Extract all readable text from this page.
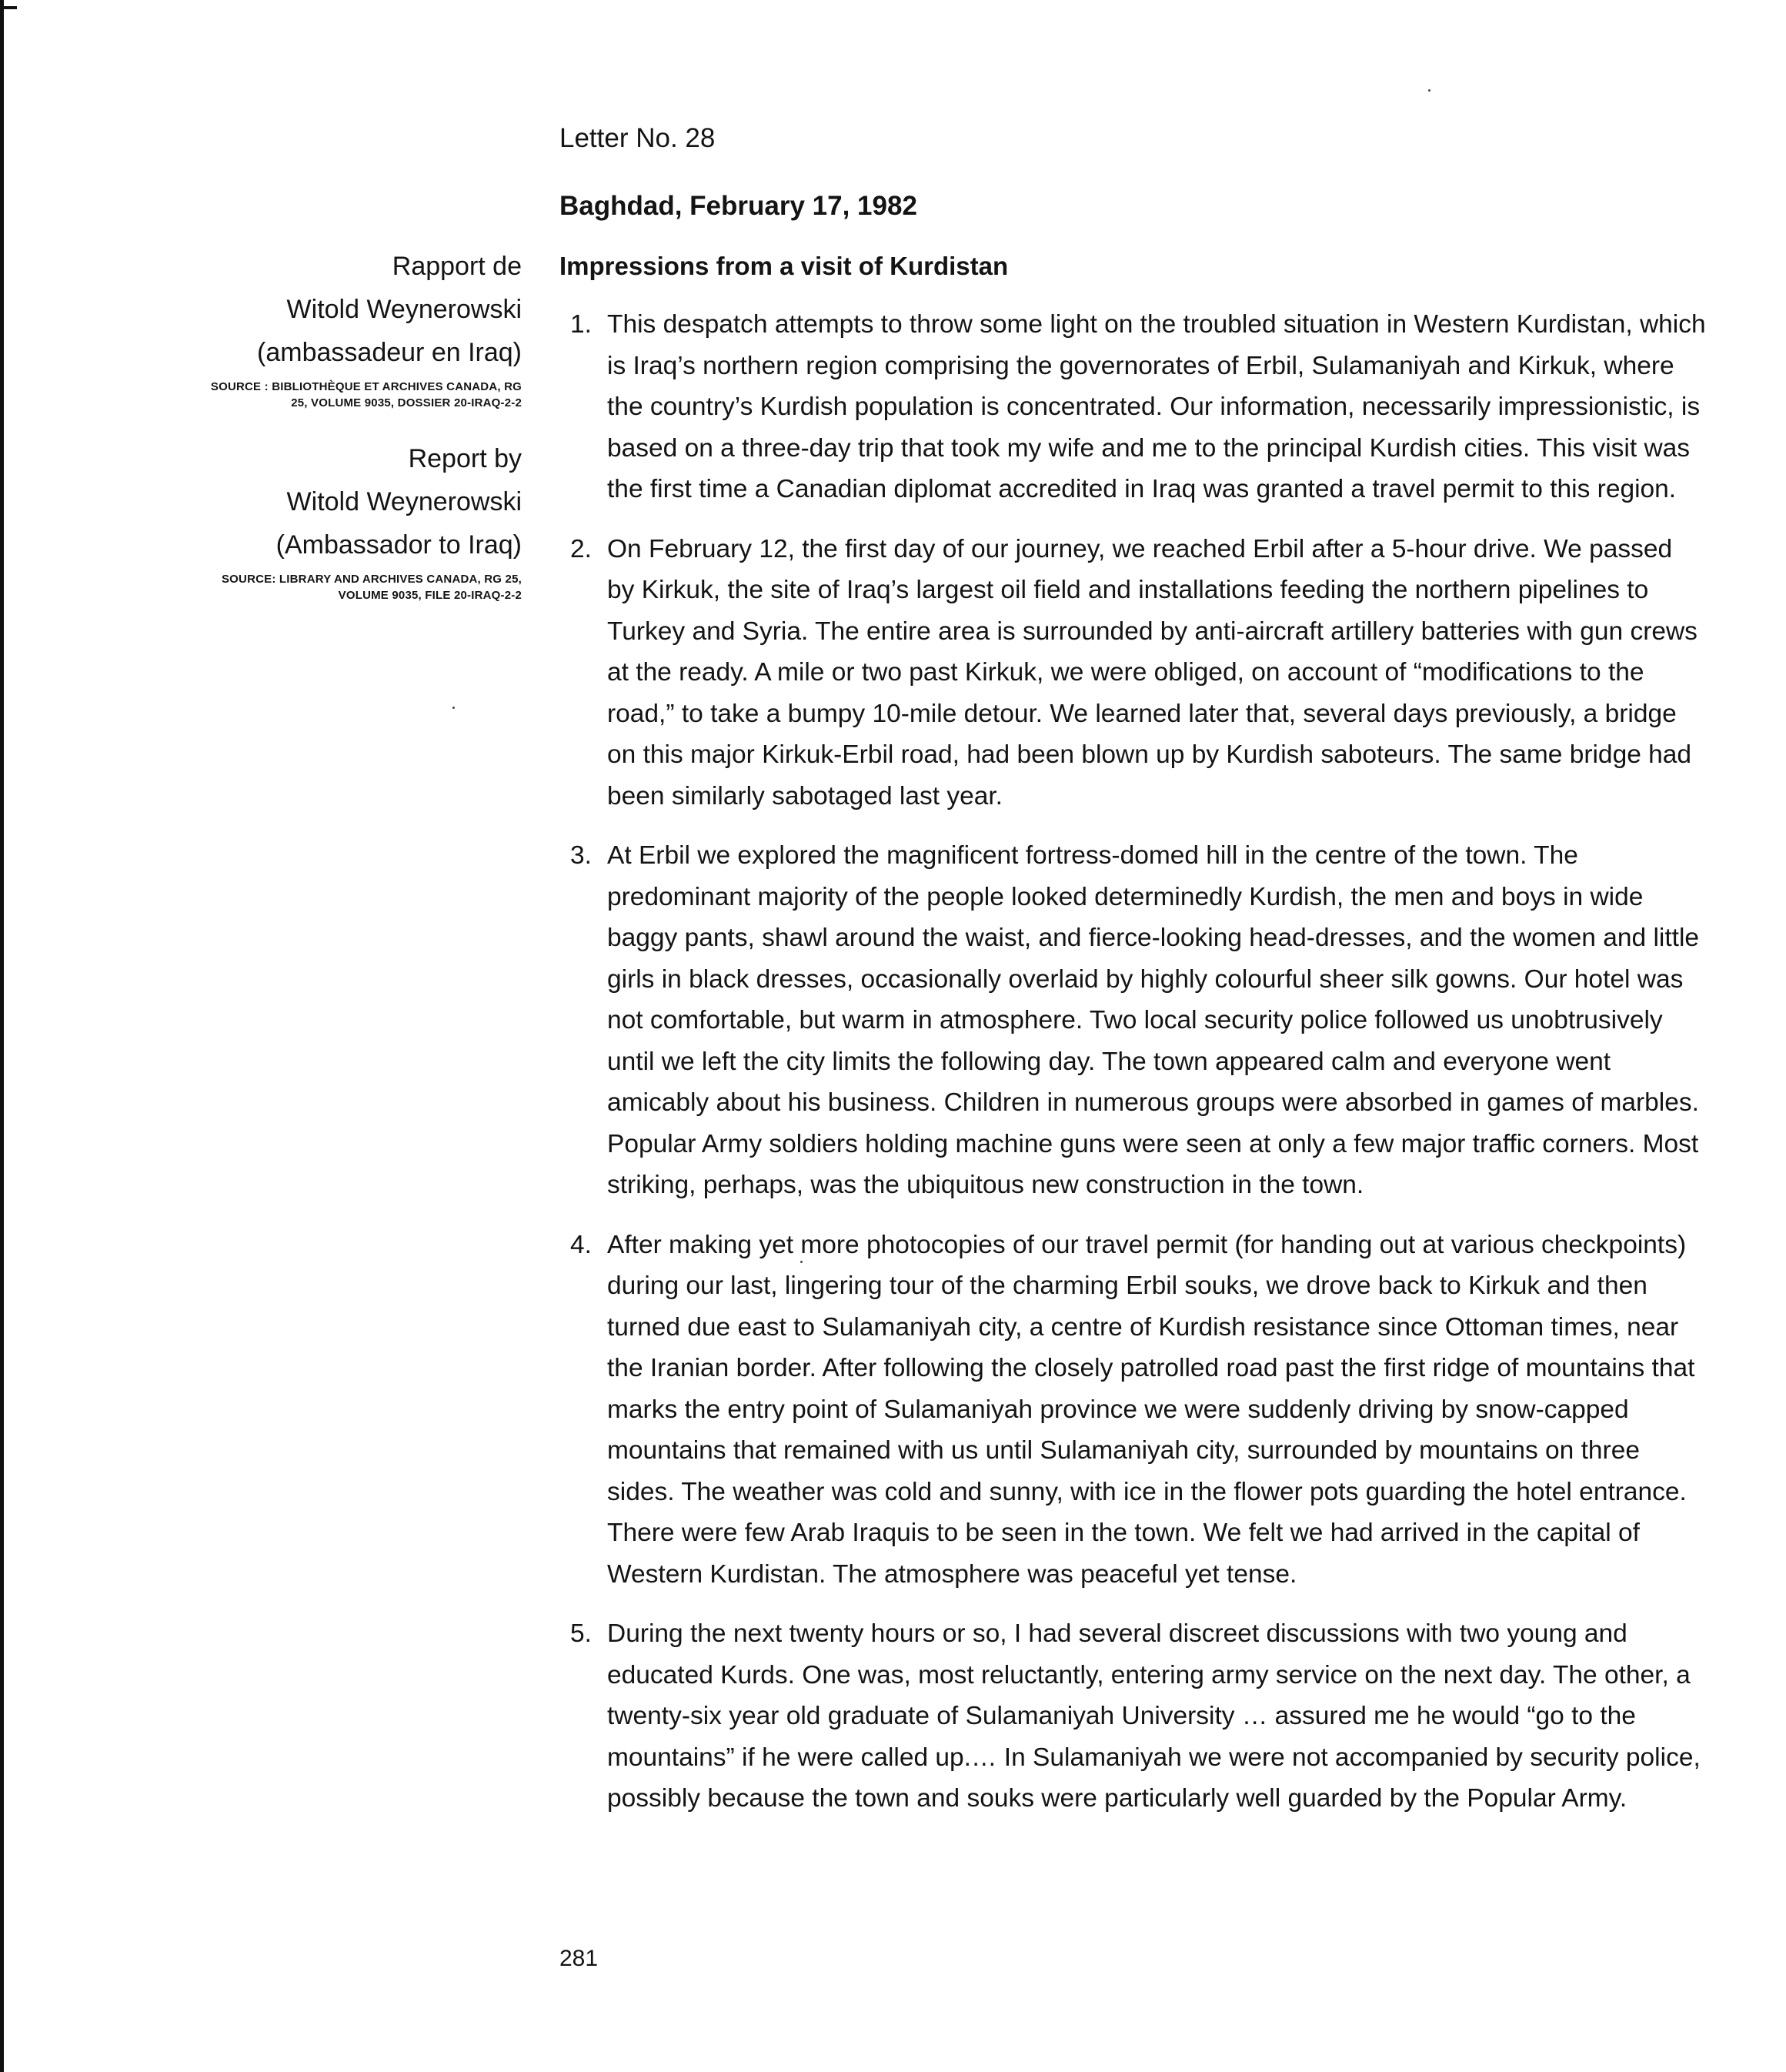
Rapport de
Witold Weynerowski
(ambassadeur en Iraq)
SOURCE : BIBLIOTHÈQUE ET ARCHIVES CANADA, RG 25, VOLUME 9035, DOSSIER 20-IRAQ-2-2
Report by
Witold Weynerowski
(Ambassador to Iraq)
SOURCE: LIBRARY AND ARCHIVES CANADA, RG 25, VOLUME 9035, FILE 20-IRAQ-2-2
Letter No. 28
Baghdad, February 17, 1982
Impressions from a visit of Kurdistan
1. This despatch attempts to throw some light on the troubled situation in Western Kurdistan, which is Iraq’s northern region comprising the governorates of Erbil, Sulamaniyah and Kirkuk, where the country’s Kurdish population is concentrated. Our information, necessarily impressionistic, is based on a three-day trip that took my wife and me to the principal Kurdish cities. This visit was the first time a Canadian diplomat accredited in Iraq was granted a travel permit to this region.
2. On February 12, the first day of our journey, we reached Erbil after a 5-hour drive. We passed by Kirkuk, the site of Iraq’s largest oil field and installations feeding the northern pipelines to Turkey and Syria. The entire area is surrounded by anti-aircraft artillery batteries with gun crews at the ready. A mile or two past Kirkuk, we were obliged, on account of “modifications to the road,” to take a bumpy 10-mile detour. We learned later that, several days previously, a bridge on this major Kirkuk-Erbil road, had been blown up by Kurdish saboteurs. The same bridge had been similarly sabotaged last year.
3. At Erbil we explored the magnificent fortress-domed hill in the centre of the town. The predominant majority of the people looked determinedly Kurdish, the men and boys in wide baggy pants, shawl around the waist, and fierce-looking head-dresses, and the women and little girls in black dresses, occasionally overlaid by highly colourful sheer silk gowns. Our hotel was not comfortable, but warm in atmosphere. Two local security police followed us unobtrusively until we left the city limits the following day. The town appeared calm and everyone went amicably about his business. Children in numerous groups were absorbed in games of marbles. Popular Army soldiers holding machine guns were seen at only a few major traffic corners. Most striking, perhaps, was the ubiquitous new construction in the town.
4. After making yet more photocopies of our travel permit (for handing out at various checkpoints) during our last, lingering tour of the charming Erbil souks, we drove back to Kirkuk and then turned due east to Sulamaniyah city, a centre of Kurdish resistance since Ottoman times, near the Iranian border. After following the closely patrolled road past the first ridge of mountains that marks the entry point of Sulamaniyah province we were suddenly driving by snow-capped mountains that remained with us until Sulamaniyah city, surrounded by mountains on three sides. The weather was cold and sunny, with ice in the flower pots guarding the hotel entrance. There were few Arab Iraquis to be seen in the town. We felt we had arrived in the capital of Western Kurdistan. The atmosphere was peaceful yet tense.
5. During the next twenty hours or so, I had several discreet discussions with two young and educated Kurds. One was, most reluctantly, entering army service on the next day. The other, a twenty-six year old graduate of Sulamaniyah University … assured me he would “go to the mountains” if he were called up.… In Sulamaniyah we were not accompanied by security police, possibly because the town and souks were particularly well guarded by the Popular Army.
281
